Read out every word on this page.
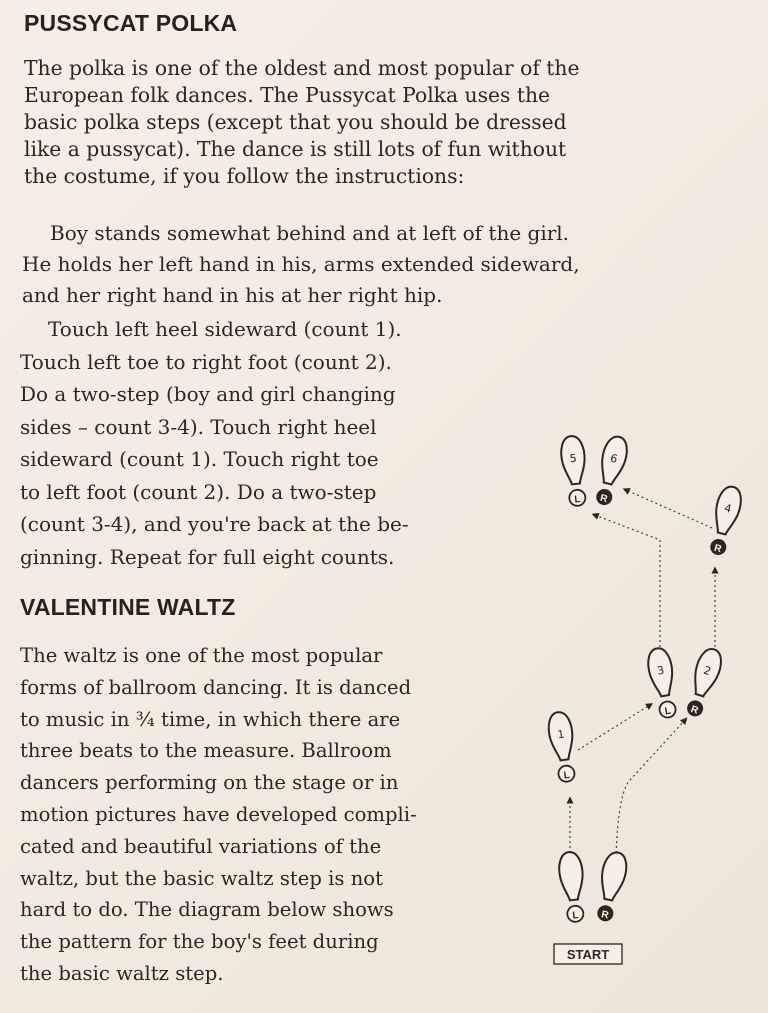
PUSSYCAT POLKA

The polka is one of the oldest and most popular of the
European folk dances. The Pussycat Polka uses the
basic polka steps (except that you should be dressed
like a pussycat). The dance is still lots of fun without
the costume, if you follow the instructions:

Boy stands somewhat behind and at left of the girl.
He holds her left hand in his, arms extended sideward,
and her right hand in his at her right hip.

Touch left heel sideward (count 1).
Touch left toe to right foot (count 2).
Do a two-step (boy and girl changing
sides – count 3-4). Touch right heel
sideward (count 1). Touch right toe
to left foot (count 2). Do a two-step
(count 3-4), and you're back at the be-
ginning. Repeat for full eight counts.

VALENTINE WALTZ

The waltz is one of the most popular
forms of ballroom dancing. It is danced
to music in ¾ time, in which there are
three beats to the measure. Ballroom
dancers performing on the stage or in
motion pictures have developed compli-
cated and beautiful variations of the
waltz, but the basic waltz step is not
hard to do. The diagram below shows
the pattern for the boy's feet during
the basic waltz step.

L R
START
1
L
2
R
3
L
4
R
5
L
6
R
